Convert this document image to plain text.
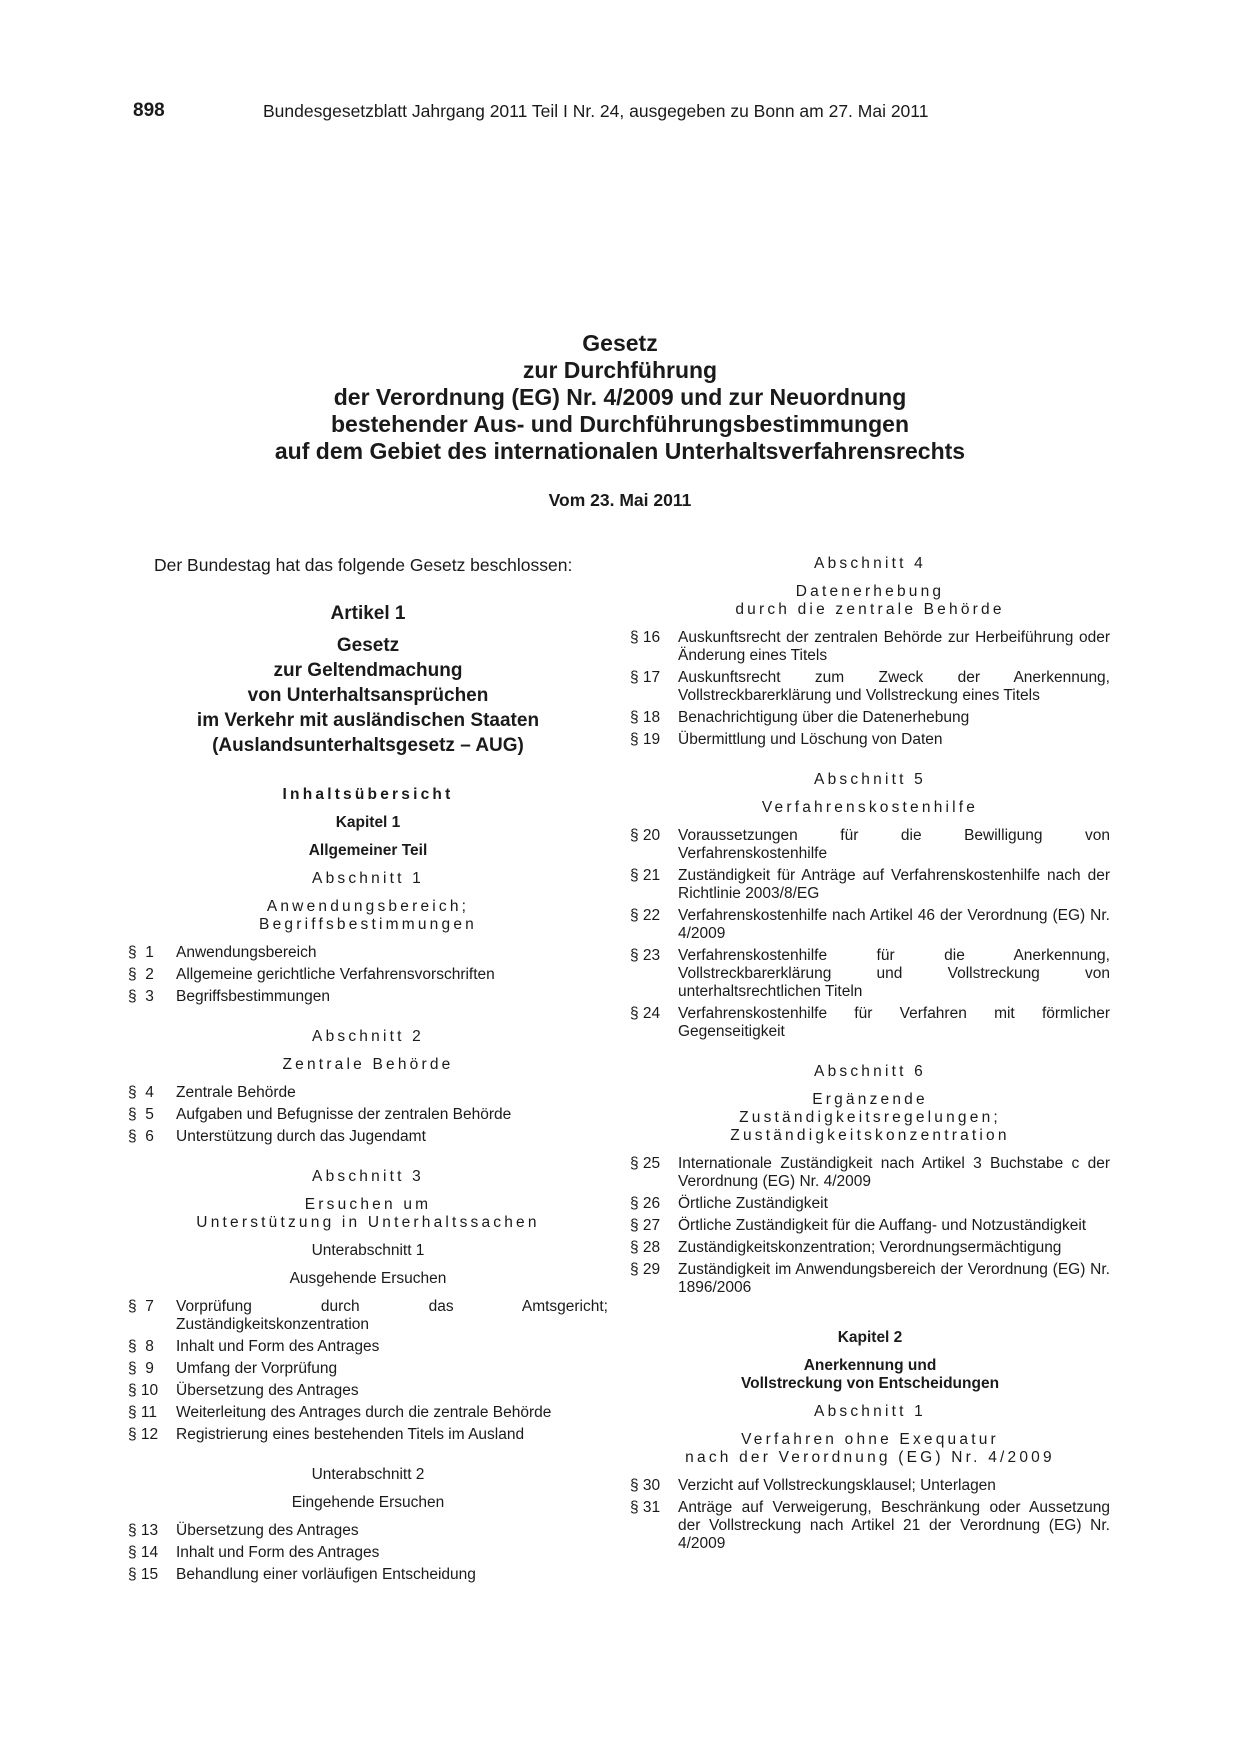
898	Bundesgesetzblatt Jahrgang 2011 Teil I Nr. 24, ausgegeben zu Bonn am 27. Mai 2011
Gesetz
zur Durchführung
der Verordnung (EG) Nr. 4/2009 und zur Neuordnung
bestehender Aus- und Durchführungsbestimmungen
auf dem Gebiet des internationalen Unterhaltsverfahrensrechts
Vom 23. Mai 2011

Der Bundestag hat das folgende Gesetz beschlossen:

Artikel 1
Gesetz
zur Geltendmachung
von Unterhaltsansprüchen
im Verkehr mit ausländischen Staaten
(Auslandsunterhaltsgesetz – AUG)
Inhaltsübersicht
Kapitel 1
Allgemeiner Teil
Abschnitt 1
Anwendungsbereich;
Begriffsbestimmungen
§  1	Anwendungsbereich
§  2	Allgemeine gerichtliche Verfahrensvorschriften
§  3	Begriffsbestimmungen
Abschnitt 2
Zentrale Behörde
§  4	Zentrale Behörde
§  5	Aufgaben und Befugnisse der zentralen Behörde
§  6	Unterstützung durch das Jugendamt
Abschnitt 3
Ersuchen um
Unterstützung in Unterhaltssachen
Unterabschnitt 1
Ausgehende Ersuchen
§  7	Vorprüfung durch das Amtsgericht; Zuständigkeitskonzentration
§  8	Inhalt und Form des Antrages
§  9	Umfang der Vorprüfung
§ 10	Übersetzung des Antrages
§ 11	Weiterleitung des Antrages durch die zentrale Behörde
§ 12	Registrierung eines bestehenden Titels im Ausland
Unterabschnitt 2
Eingehende Ersuchen
§ 13	Übersetzung des Antrages
§ 14	Inhalt und Form des Antrages
§ 15	Behandlung einer vorläufigen Entscheidung
Abschnitt 4
Datenerhebung
durch die zentrale Behörde
§ 16	Auskunftsrecht der zentralen Behörde zur Herbeiführung oder Änderung eines Titels
§ 17	Auskunftsrecht zum Zweck der Anerkennung, Vollstreckbarerklärung und Vollstreckung eines Titels
§ 18	Benachrichtigung über die Datenerhebung
§ 19	Übermittlung und Löschung von Daten
Abschnitt 5
Verfahrenskostenhilfe
§ 20	Voraussetzungen für die Bewilligung von Verfahrenskostenhilfe
§ 21	Zuständigkeit für Anträge auf Verfahrenskostenhilfe nach der Richtlinie 2003/8/EG
§ 22	Verfahrenskostenhilfe nach Artikel 46 der Verordnung (EG) Nr. 4/2009
§ 23	Verfahrenskostenhilfe für die Anerkennung, Vollstreckbarerklärung und Vollstreckung von unterhaltsrechtlichen Titeln
§ 24	Verfahrenskostenhilfe für Verfahren mit förmlicher Gegenseitigkeit
Abschnitt 6
Ergänzende
Zuständigkeitsregelungen;
Zuständigkeitskonzentration
§ 25	Internationale Zuständigkeit nach Artikel 3 Buchstabe c der Verordnung (EG) Nr. 4/2009
§ 26	Örtliche Zuständigkeit
§ 27	Örtliche Zuständigkeit für die Auffang- und Notzuständigkeit
§ 28	Zuständigkeitskonzentration; Verordnungsermächtigung
§ 29	Zuständigkeit im Anwendungsbereich der Verordnung (EG) Nr. 1896/2006
Kapitel 2
Anerkennung und
Vollstreckung von Entscheidungen
Abschnitt 1
Verfahren ohne Exequatur
nach der Verordnung (EG) Nr. 4/2009
§ 30	Verzicht auf Vollstreckungsklausel; Unterlagen
§ 31	Anträge auf Verweigerung, Beschränkung oder Aussetzung der Vollstreckung nach Artikel 21 der Verordnung (EG) Nr. 4/2009
